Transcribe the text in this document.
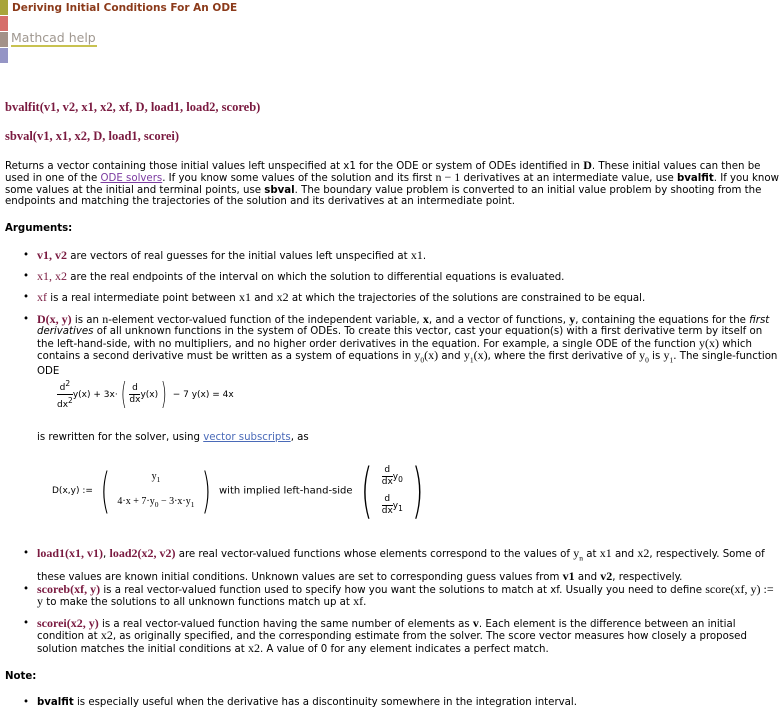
Deriving Initial Conditions For An ODE
Mathcad help
bvalfit(v1, v2, x1, x2, xf, D, load1, load2, scoreb)
sbval(v1, x1, x2, D, load1, scorei)
Returns a vector containing those initial values left unspecified at x1 for the ODE or system of ODEs identified in D. These initial values can then be used in one of the ODE solvers. If you know some values of the solution and its first n − 1 derivatives at an intermediate value, use bvalfit. If you know some values at the initial and terminal points, use sbval. The boundary value problem is converted to an initial value problem by shooting from the endpoints and matching the trajectories of the solution and its derivatives at an intermediate point.
Arguments:
• v1, v2 are vectors of real guesses for the initial values left unspecified at x1.
• x1, x2 are the real endpoints of the interval on which the solution to differential equations is evaluated.
• xf is a real intermediate point between x1 and x2 at which the trajectories of the solutions are constrained to be equal.
• D(x, y) is an n-element vector-valued function of the independent variable, x, and a vector of functions, y, containing the equations for the first derivatives of all unknown functions in the system of ODEs. To create this vector, cast your equation(s) with a first derivative term by itself on the left-hand-side, with no multipliers, and no higher order derivatives in the equation. For example, a single ODE of the function y(x) which contains a second derivative must be written as a system of equations in $y_0(x)$ and $y_1(x)$, where the first derivative of $y_0$ is $y_1$. The single-function ODE
$\frac{d^2}{dx^2} y(x) + 3x\cdot( \frac{d}{dx} y(x)) - 7$ y(x) = 4x
• is rewritten for the solver, using vector subscripts, as
D(x,y) := (	$y_1$
$4\cdot x + 7\cdot y_0 - 3\cdot x\cdot y_1$ ) with implied left-hand-side ( $\frac{d}{dx} y_0$
$\frac{d}{dx} y_1$ )
• load1(x1, v1), load2(x2, v2) are real vector-valued functions whose elements correspond to the values of $y_n$ at x1 and x2, respectively. Some of these values are known initial conditions. Unknown values are set to corresponding guess values from v1 and v2, respectively.
• scoreb(xf, y) is a real vector-valued function used to specify how you want the solutions to match at xf. Usually you need to define score(xf, y) := y to make the solutions to all unknown functions match up at xf.
• scorei(x2, y) is a real vector-valued function having the same number of elements as v. Each element is the difference between an initial condition at x2, as originally specified, and the corresponding estimate from the solver. The score vector measures how closely a proposed solution matches the initial conditions at x2. A value of 0 for any element indicates a perfect match.
Note:
• bvalfit is especially useful when the derivative has a discontinuity somewhere in the integration interval.
